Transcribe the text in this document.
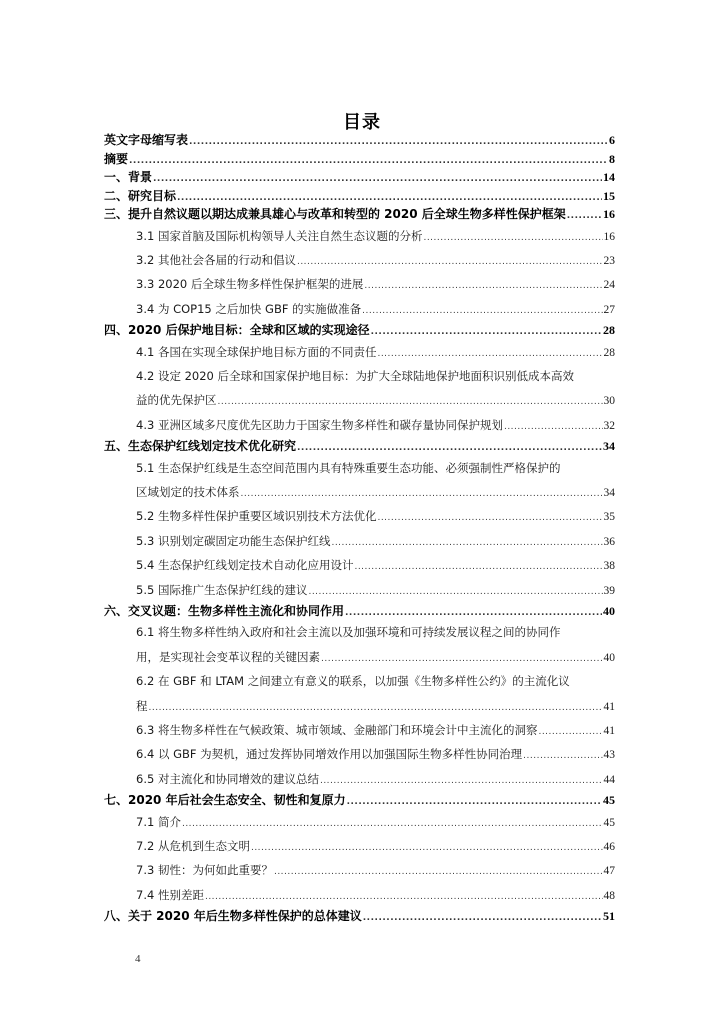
目录
英文字母缩写表 .....	6
摘要 .....	8
一、背景 .....	14
二、研究目标 .....	15
三、提升自然议题以期达成兼具雄心与改革和转型的 2020 后全球生物多样性保护框架 .....	16
3.1 国家首脑及国际机构领导人关注自然生态议题的分析 .....	16
3.2 其他社会各届的行动和倡议 .....	23
3.3 2020 后全球生物多样性保护框架的进展 .....	24
3.4 为 COP15 之后加快 GBF 的实施做准备 .....	27
四、2020 后保护地目标：全球和区域的实现途径 .....	28
4.1 各国在实现全球保护地目标方面的不同责任 .....	28
4.2 设定 2020 后全球和国家保护地目标：为扩大全球陆地保护地面积识别低成本高效
益的优先保护区 .....	30
4.3 亚洲区域多尺度优先区助力于国家生物多样性和碳存量协同保护规划 .....	32
五、生态保护红线划定技术优化研究 .....	34
5.1 生态保护红线是生态空间范围内具有特殊重要生态功能、必须强制性严格保护的
区域划定的技术体系 .....	34
5.2 生物多样性保护重要区域识别技术方法优化 .....	35
5.3 识别划定碳固定功能生态保护红线 .....	36
5.4 生态保护红线划定技术自动化应用设计 .....	38
5.5 国际推广生态保护红线的建议 .....	39
六、交叉议题：生物多样性主流化和协同作用 .....	40
6.1 将生物多样性纳入政府和社会主流以及加强环境和可持续发展议程之间的协同作
用，是实现社会变革议程的关键因素 .....	40
6.2 在 GBF 和 LTAM 之间建立有意义的联系，以加强《生物多样性公约》的主流化议
程 .....	41
6.3 将生物多样性在气候政策、城市领域、金融部门和环境会计中主流化的洞察 .....	41
6.4 以 GBF 为契机，通过发挥协同增效作用以加强国际生物多样性协同治理 .....	43
6.5 对主流化和协同增效的建议总结 .....	44
七、2020 年后社会生态安全、韧性和复原力 .....	45
7.1 简介 .....	45
7.2 从危机到生态文明 .....	46
7.3 韧性：为何如此重要？ .....	47
7.4 性别差距 .....	48
八、关于 2020 年后生物多样性保护的总体建议 .....	51
4
